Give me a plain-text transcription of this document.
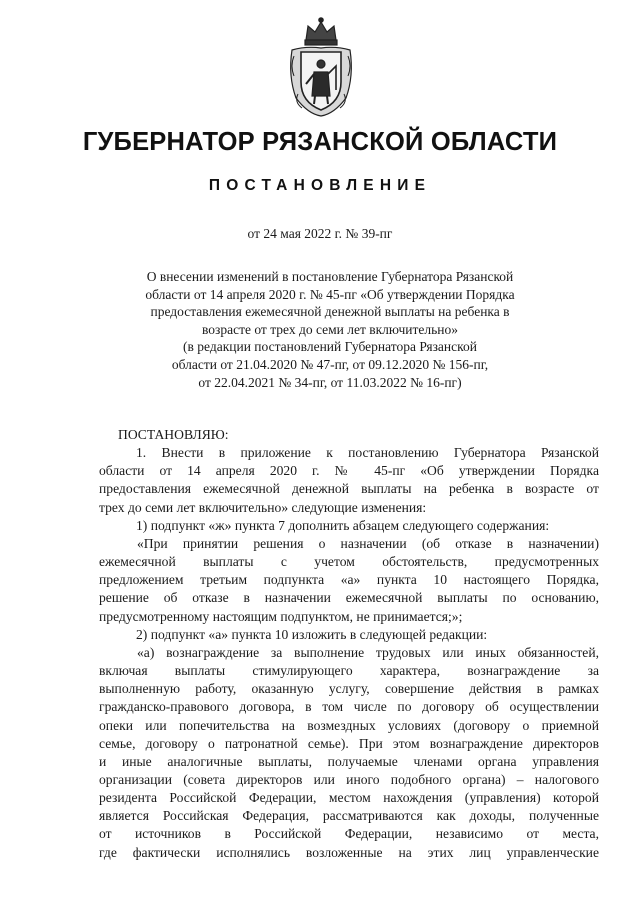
ГУБЕРНАТОР РЯЗАНСКОЙ ОБЛАСТИ
ПОСТАНОВЛЕНИЕ
от 24 мая 2022 г. № 39-пг
О внесении изменений в постановление Губернатора Рязанской
области от 14 апреля 2020 г. № 45-пг «Об утверждении Порядка
предоставления ежемесячной денежной выплаты на ребенка в
возрасте от трех до семи лет включительно»
(в редакции постановлений Губернатора Рязанской
области от 21.04.2020 № 47-пг, от 09.12.2020 № 156-пг,
от 22.04.2021 № 34-пг, от 11.03.2022 № 16-пг)
ПОСТАНОВЛЯЮ:
1. Внести в приложение к постановлению Губернатора Рязанской
области от 14 апреля 2020 г. № 45-пг «Об утверждении Порядка
предоставления ежемесячной денежной выплаты на ребенка в возрасте от
трех до семи лет включительно» следующие изменения:
1) подпункт «ж» пункта 7 дополнить абзацем следующего содержания:
«При принятии решения о назначении (об отказе в назначении)
ежемесячной выплаты с учетом обстоятельств, предусмотренных
предложением третьим подпункта «а» пункта 10 настоящего Порядка,
решение об отказе в назначении ежемесячной выплаты по основанию,
предусмотренному настоящим подпунктом, не принимается;»;
2) подпункт «а» пункта 10 изложить в следующей редакции:
«а) вознаграждение за выполнение трудовых или иных обязанностей,
включая выплаты стимулирующего характера, вознаграждение за
выполненную работу, оказанную услугу, совершение действия в рамках
гражданско-правового договора, в том числе по договору об осуществлении
опеки или попечительства на возмездных условиях (договору о приемной
семье, договору о патронатной семье). При этом вознаграждение директоров
и иные аналогичные выплаты, получаемые членами органа управления
организации (совета директоров или иного подобного органа) – налогового
резидента Российской Федерации, местом нахождения (управления) которой
является Российская Федерация, рассматриваются как доходы, полученные
от источников в Российской Федерации, независимо от места,
где фактически исполнялись возложенные на этих лиц управленческие
